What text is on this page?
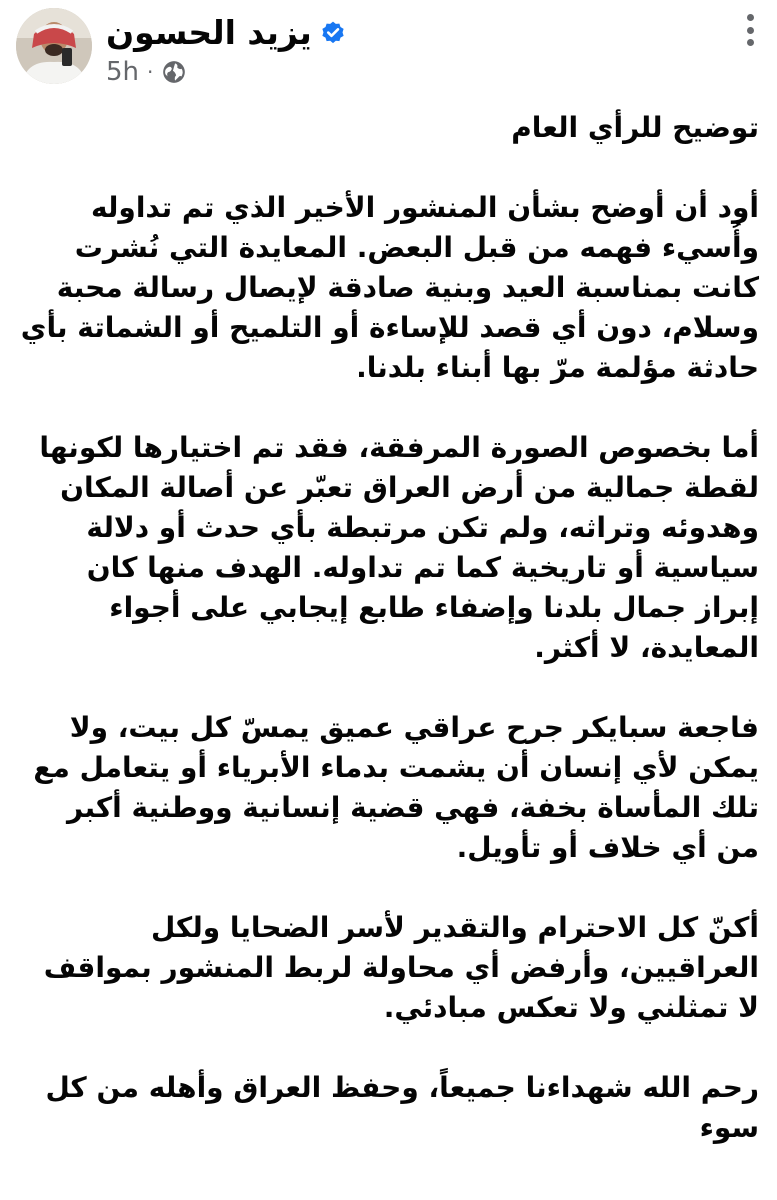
يزيد الحسون
5h ·

توضيح للرأي العام

أود أن أوضح بشأن المنشور الأخير الذي تم تداوله وأُسيء فهمه من قبل البعض. المعايدة التي نُشرت كانت بمناسبة العيد وبنية صادقة لإيصال رسالة محبة وسلام، دون أي قصد للإساءة أو التلميح أو الشماتة بأي حادثة مؤلمة مرّ بها أبناء بلدنا.

أما بخصوص الصورة المرفقة، فقد تم اختيارها لكونها لقطة جمالية من أرض العراق تعبّر عن أصالة المكان وهدوئه وتراثه، ولم تكن مرتبطة بأي حدث أو دلالة سياسية أو تاريخية كما تم تداوله. الهدف منها كان إبراز جمال بلدنا وإضفاء طابع إيجابي على أجواء المعايدة، لا أكثر.

فاجعة سبايكر جرح عراقي عميق يمسّ كل بيت، ولا يمكن لأي إنسان أن يشمت بدماء الأبرياء أو يتعامل مع تلك المأساة بخفة، فهي قضية إنسانية ووطنية أكبر من أي خلاف أو تأويل.

أكنّ كل الاحترام والتقدير لأسر الضحايا ولكل العراقيين، وأرفض أي محاولة لربط المنشور بمواقف لا تمثلني ولا تعكس مبادئي.

رحم الله شهداءنا جميعاً، وحفظ العراق وأهله من كل سوء
